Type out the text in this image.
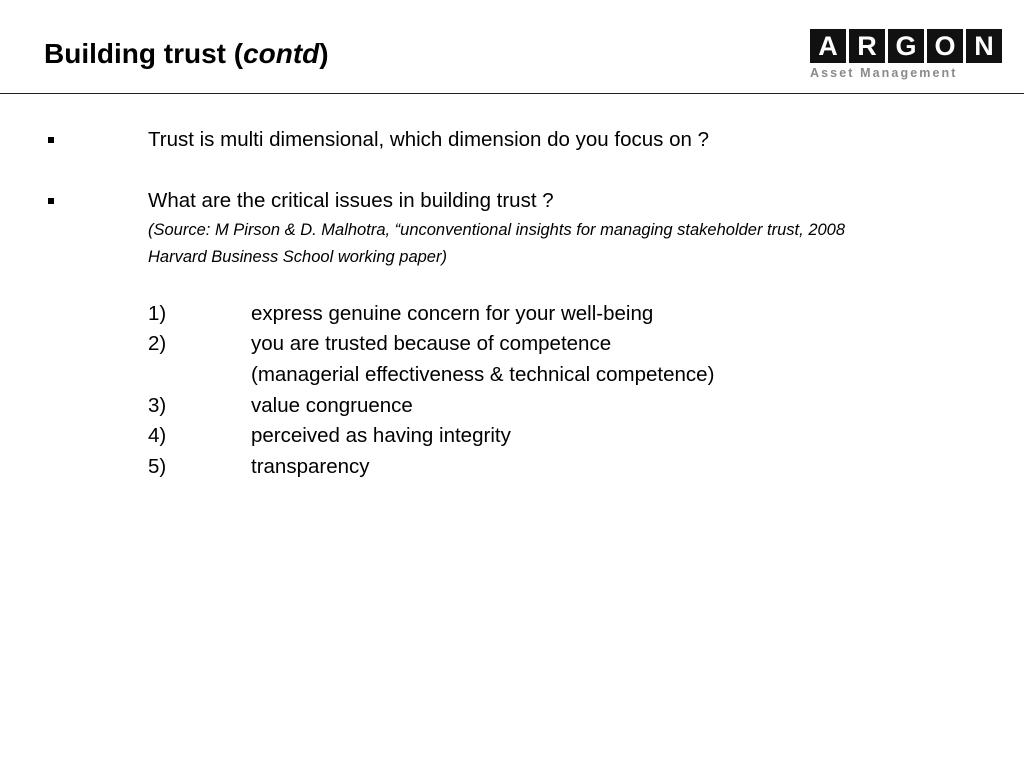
Building trust (contd)	A R G O N
Asset Management
Trust is multi dimensional, which dimension do you focus on ?
What are the critical issues in building trust ?
(Source: M Pirson & D. Malhotra, “unconventional insights for managing stakeholder trust, 2008
Harvard Business School working paper)
1)	express genuine concern for your well-being
2)	you are trusted because of competence
(managerial effectiveness & technical competence)
3)	value congruence
4)	perceived as having integrity
5)	transparency
